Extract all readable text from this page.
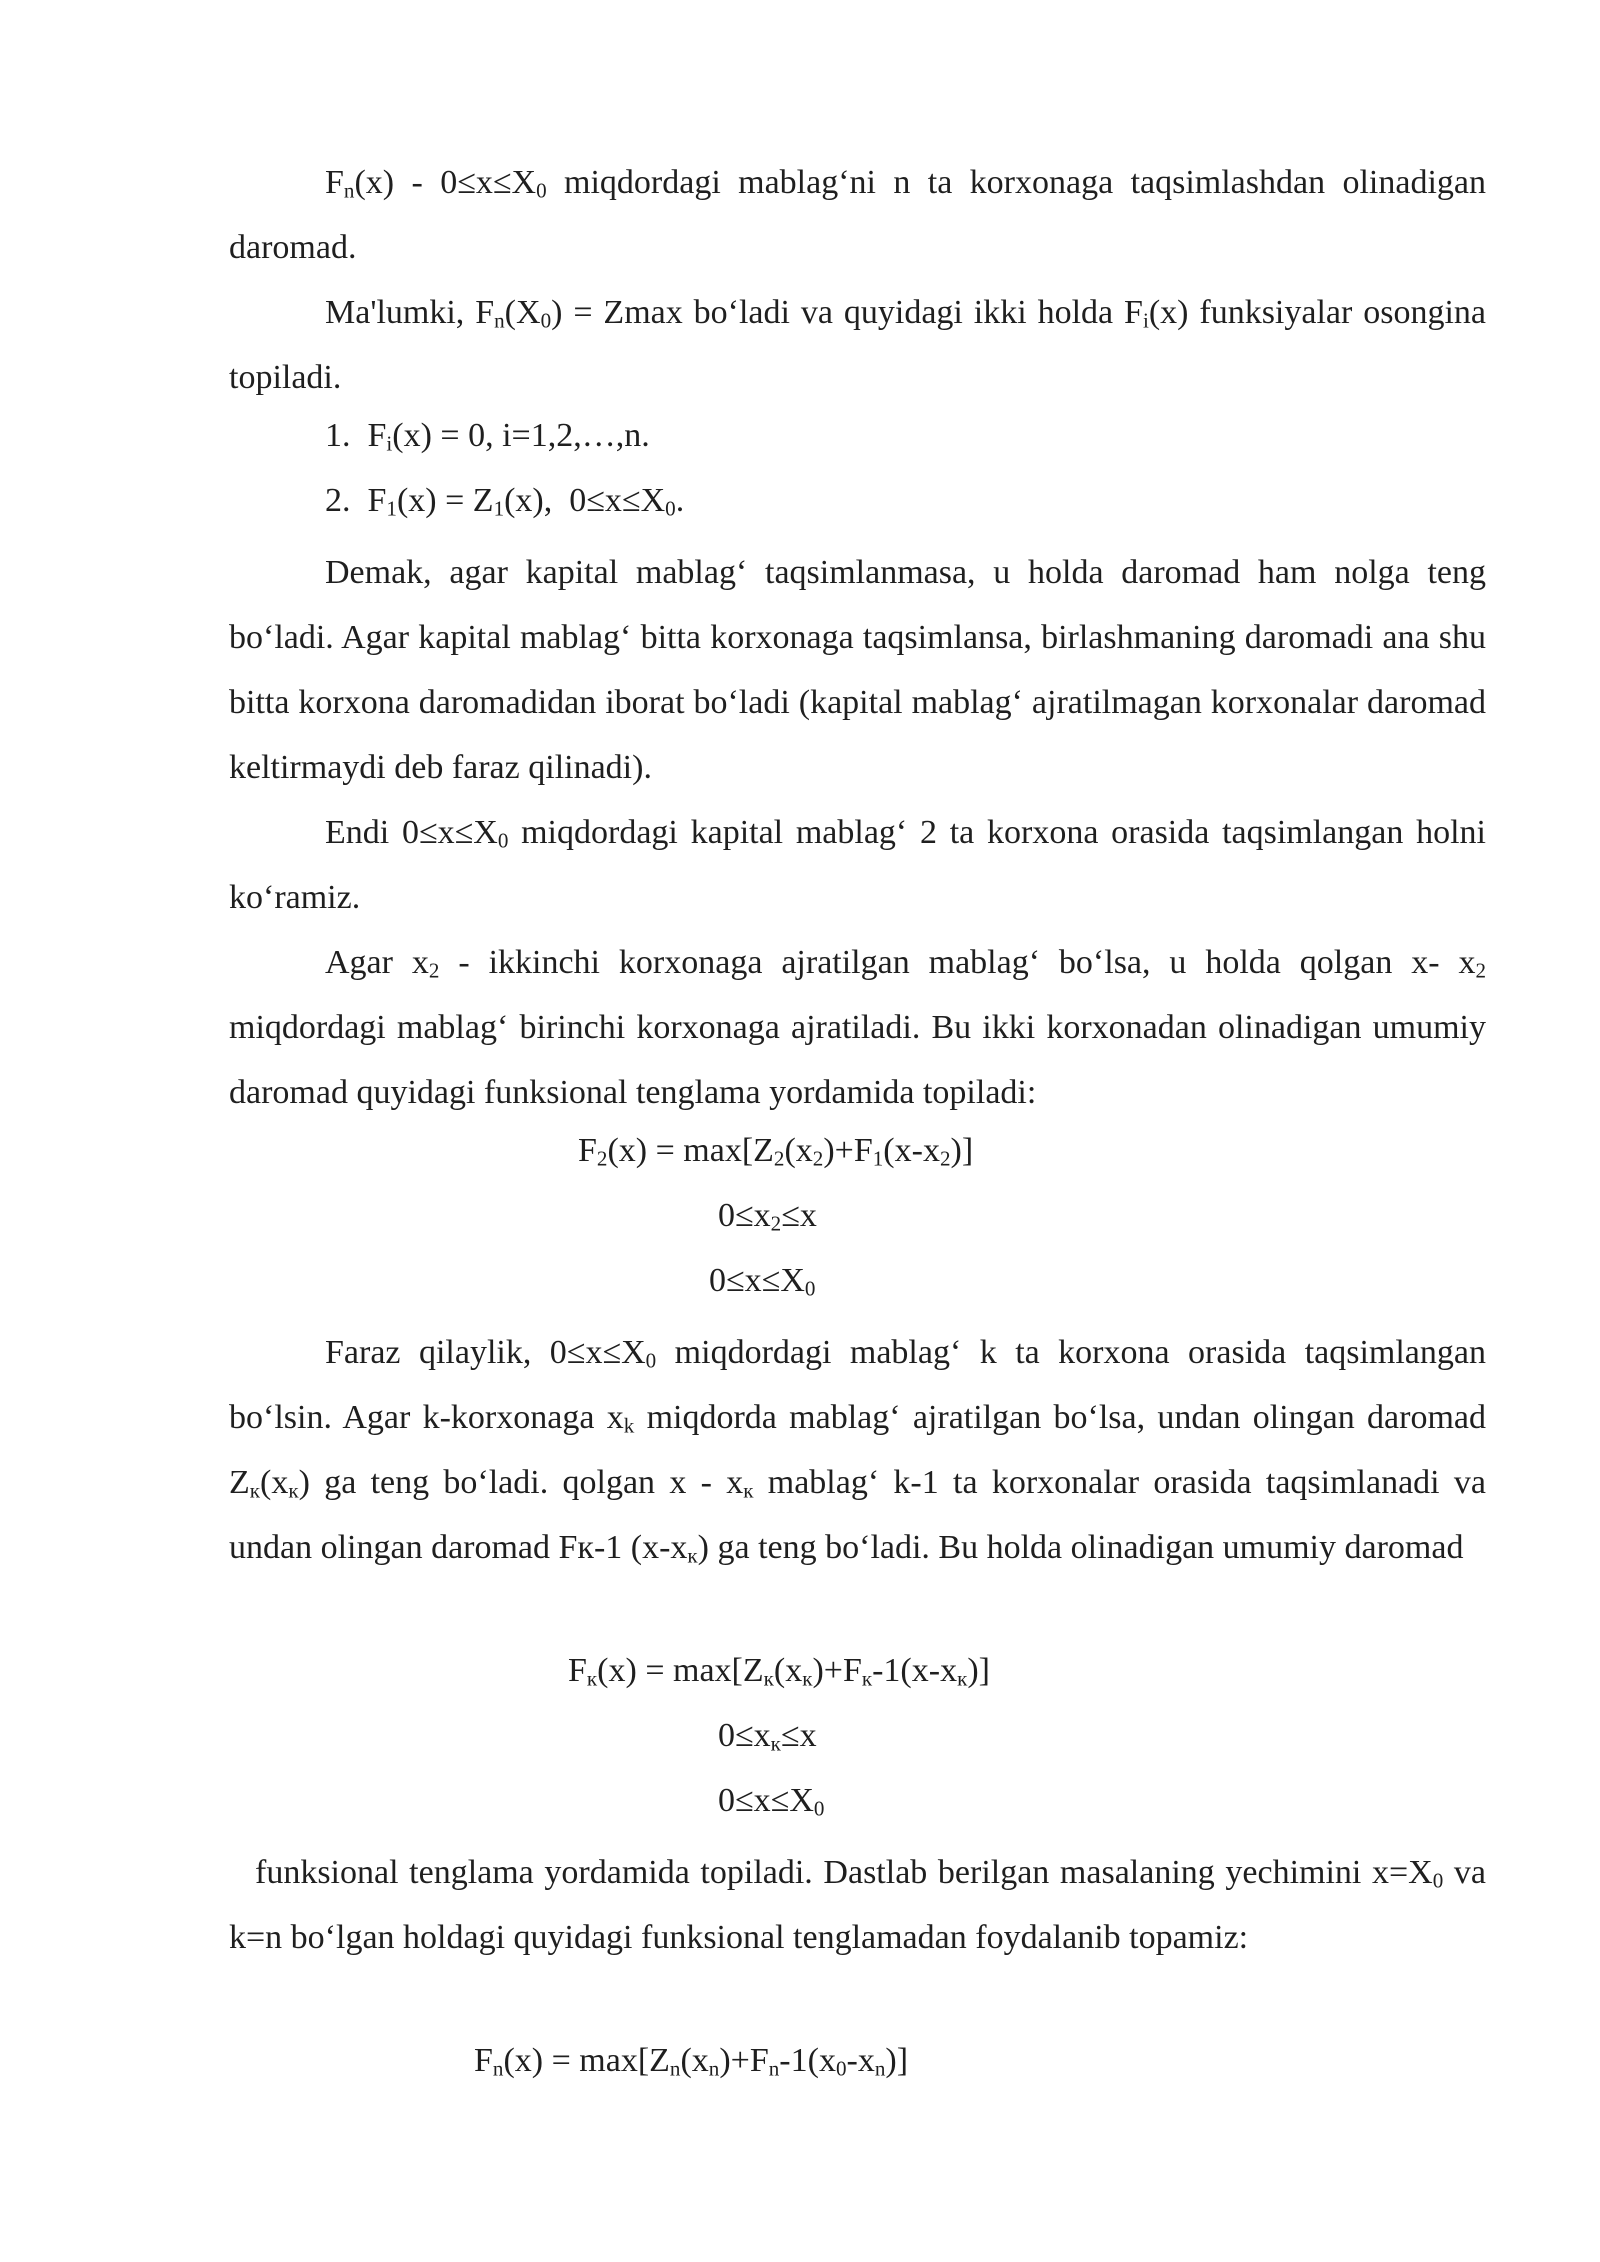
$F_n(x) - 0\le x\le X_0$ miqdordagi mablag‘ni n ta korxonaga taqsimlashdan olinadigan daromad.

Ma'lumki, $F_n(X_0) = Zmax$ bo‘ladi va quyidagi ikki holda $F_i(x)$ funksiyalar osongina topiladi.

1.  $F_i(x) = 0$, i=1,2,…,n.
2.  $F_1(x) = Z_1(x)$,  $0\le x\le X_0$.

Demak, agar kapital mablag‘ taqsimlanmasa, u holda daromad ham nolga teng bo‘ladi. Agar kapital mablag‘ bitta korxonaga taqsimlansa, birlashmaning daromadi ana shu bitta korxona daromadidan iborat bo‘ladi (kapital mablag‘ ajratilmagan korxonalar daromad keltirmaydi deb faraz qilinadi).

Endi $0\le x\le X_0$ miqdordagi kapital mablag‘ 2 ta korxona orasida taqsimlangan holni ko‘ramiz.

Agar $x_2$ - ikkinchi korxonaga ajratilgan mablag‘ bo‘lsa, u holda qolgan x- $x_2$ miqdordagi mablag‘ birinchi korxonaga ajratiladi. Bu ikki korxonadan olinadigan umumiy daromad quyidagi funksional tenglama yordamida topiladi:

$F_2(x) = \max[Z_2(x_2)+F_1(x-x_2)]$
$0\le x_2\le x$
$0\le x\le X_0$

Faraz qilaylik, $0\le x\le X_0$ miqdordagi mablag‘ k ta korxona orasida taqsimlangan bo‘lsin. Agar k-korxonaga $x_k$ miqdorda mablag‘ ajratilgan bo‘lsa, undan olingan daromad $Z_к(x_к)$ ga teng bo‘ladi. qolgan x - $x_к$ mablag‘ k-1 ta korxonalar orasida taqsimlanadi va undan olingan daromad Fк-1 $(x-x_к)$ ga teng bo‘ladi. Bu holda olinadigan umumiy daromad

$F_к(x) = \max[Z_к(x_к)+F_к-1(x-x_к)]$
$0\le x_к\le x$
$0\le x\le X_0$

funksional tenglama yordamida topiladi. Dastlab berilgan masalaning yechimini $x=X_0$ va k=n bo‘lgan holdagi quyidagi funksional tenglamadan foydalanib topamiz:

$F_n(x) = \max[Z_n(x_n)+F_n-1(x_0-x_n)]$
